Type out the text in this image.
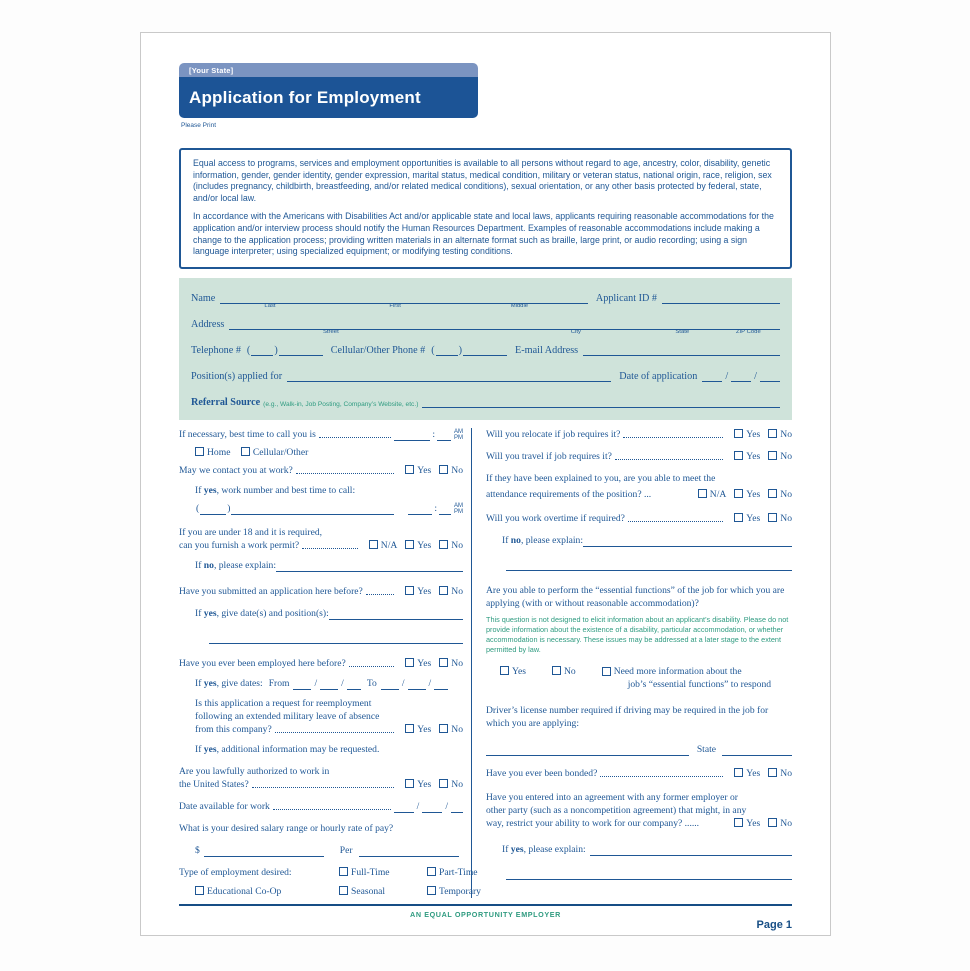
[Your State]
Application for Employment
Please Print

Equal access to programs, services and employment opportunities is available to all persons without regard to age, ancestry, color, disability, genetic information, gender, gender identity, gender expression, marital status, medical condition, military or veteran status, national origin, race, religion, sex (includes pregnancy, childbirth, breastfeeding, and/or related medical conditions), sexual orientation, or any other basis protected by federal, state, and/or local law.

In accordance with the Americans with Disabilities Act and/or applicable state and local laws, applicants requiring reasonable accommodations for the application and/or interview process should notify the Human Resources Department. Examples of reasonable accommodations include making a change to the application process; providing written materials in an alternate format such as braille, large print, or audio recording; using a sign language interpreter; using specialized equipment; or modifying testing conditions.

Name
Last	First	Middle
Applicant ID #
Address
Street	City	State	ZIP Code
Telephone # ( )	Cellular/Other Phone # ( )	E-mail Address
Position(s) applied for	Date of application	/	/
Referral Source (e.g., Walk-in, Job Posting, Company’s Website, etc.)
If necessary, best time to call you is	:	AM
PM
Home Cellular/Other
May we contact you at work?	Yes	No
If yes, work number and best time to call:
(	)	:	AM
PM
If you are under 18 and it is required,
can you furnish a work permit?	N/A	Yes	No
If no, please explain:
Have you submitted an application here before?	Yes	No
If yes, give date(s) and position(s):
Have you ever been employed here before?	Yes	No
If yes, give dates: From	/	/ To	/	/
Is this application a request for reemployment
following an extended military leave of absence
from this company?	Yes	No
If yes, additional information may be requested.
Are you lawfully authorized to work in
the United States?	Yes	No
Date available for work	/	/
What is your desired salary range or hourly rate of pay?
$	Per
Type of employment desired:	Full-Time	Part-Time
Educational Co-Op	Seasonal	Temporary
Will you relocate if job requires it?	Yes	No
Will you travel if job requires it?	Yes	No
If they have been explained to you, are you able to meet the
attendance requirements of the position? ...	N/A	Yes	No
Will you work overtime if required?	Yes	No
If no, please explain:
Are you able to perform the “essential functions” of the job for which you are applying (with or without reasonable accommodation)?
This question is not designed to elicit information about an applicant’s disability. Please do not provide information about the existence of a disability, particular accommodation, or whether accommodation is necessary. These issues may be addressed at a later stage to the extent permitted by law.
Yes	No	Need more information about the
job’s “essential functions” to respond
Driver’s license number required if driving may be required in the job for which you are applying:
State
Have you ever been bonded?	Yes	No
Have you entered into an agreement with any former employer or
other party (such as a noncompetition agreement) that might, in any
way, restrict your ability to work for our company? ......	Yes	No
If yes, please explain:
AN EQUAL OPPORTUNITY EMPLOYER
Page 1
